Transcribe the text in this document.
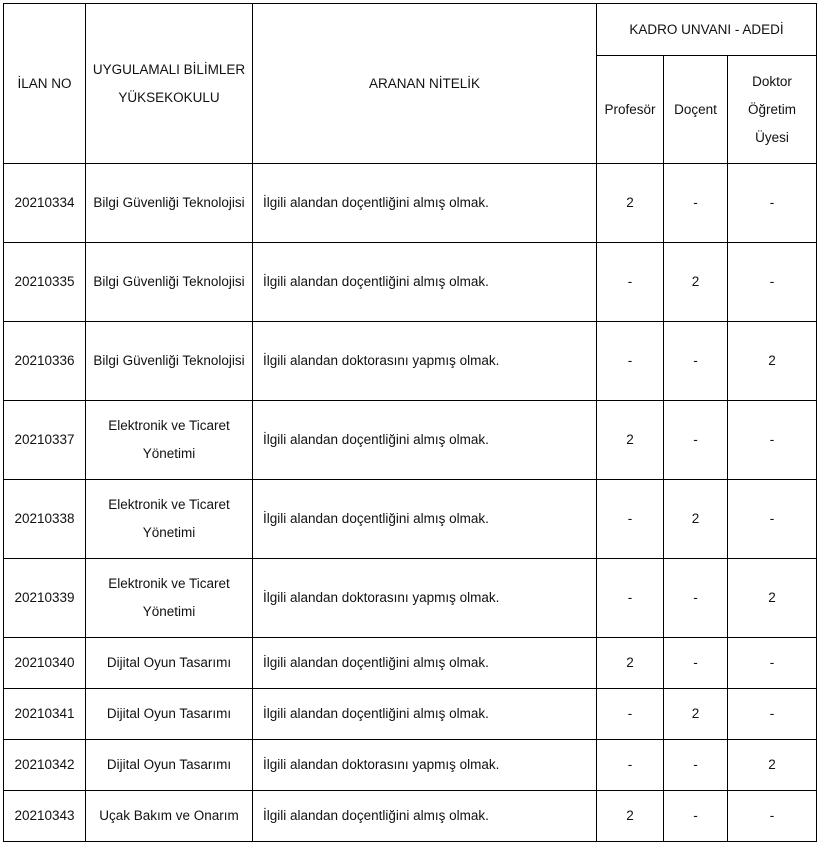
İLAN NO	UYGULAMALI BİLİMLER YÜKSEKOKULU	ARANAN NİTELİK	KADRO UNVANI - ADEDİ		
			Profesör	Doçent	Doktor Öğretim Üyesi
20210334	Bilgi Güvenliği Teknolojisi	İlgili alandan doçentliğini almış olmak.	2	-	-
20210335	Bilgi Güvenliği Teknolojisi	İlgili alandan doçentliğini almış olmak.	-	2	-
20210336	Bilgi Güvenliği Teknolojisi	İlgili alandan doktorasını yapmış olmak.	-	-	2
20210337	Elektronik ve Ticaret Yönetimi	İlgili alandan doçentliğini almış olmak.	2	-	-
20210338	Elektronik ve Ticaret Yönetimi	İlgili alandan doçentliğini almış olmak.	-	2	-
20210339	Elektronik ve Ticaret Yönetimi	İlgili alandan doktorasını yapmış olmak.	-	-	2
20210340	Dijital Oyun Tasarımı	İlgili alandan doçentliğini almış olmak.	2	-	-
20210341	Dijital Oyun Tasarımı	İlgili alandan doçentliğini almış olmak.	-	2	-
20210342	Dijital Oyun Tasarımı	İlgili alandan doktorasını yapmış olmak.	-	-	2
20210343	Uçak Bakım ve Onarım	İlgili alandan doçentliğini almış olmak.	2	-	-
